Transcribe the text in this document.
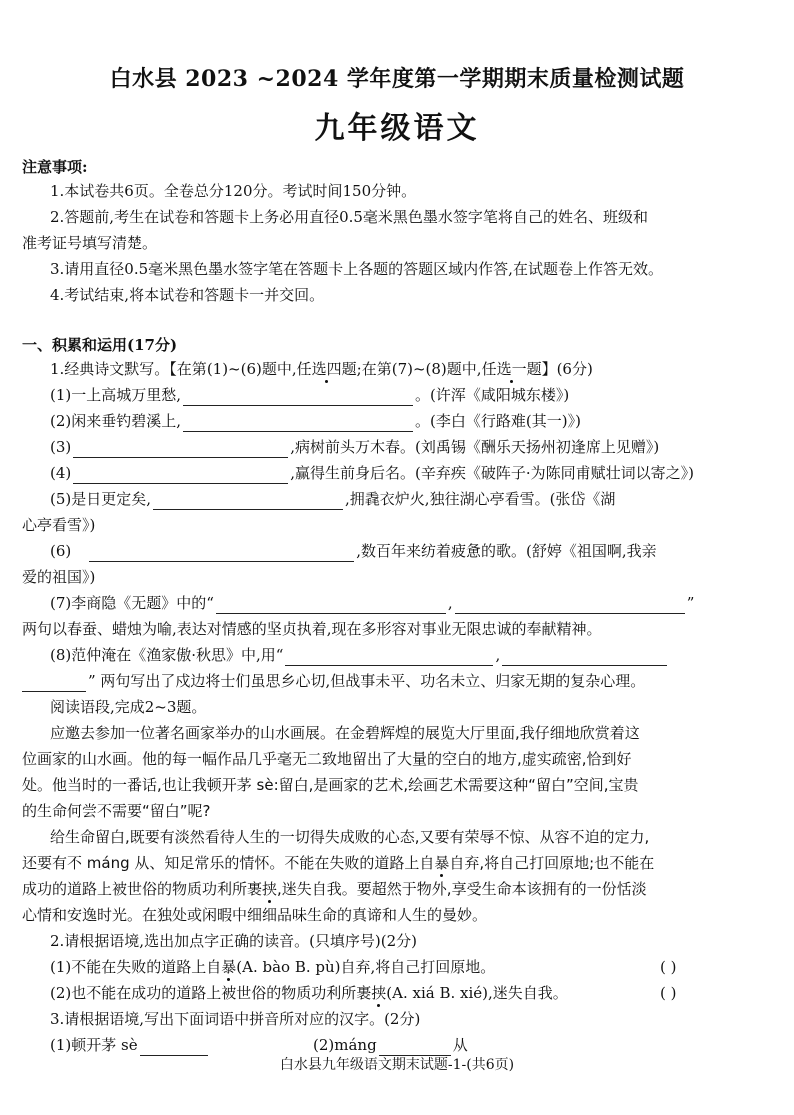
白水县 2023 ~2024 学年度第一学期期末质量检测试题
九年级语文
注意事项:
1.本试卷共6页。全卷总分120分。考试时间150分钟。
2.答题前,考生在试卷和答题卡上务必用直径0.5毫米黑色墨水签字笔将自己的姓名、班级和
准考证号填写清楚。
3.请用直径0.5毫米黑色墨水签字笔在答题卡上各题的答题区域内作答,在试题卷上作答无效。
4.考试结束,将本试卷和答题卡一并交回。
一、积累和运用(17分)
1.经典诗文默写。【在第(1)~(6)题中,任选四题;在第(7)~(8)题中,任选一题】(6分)
(1)一上高城万里愁,	。(许浑《咸阳城东楼》)
(2)闲来垂钓碧溪上,	。(李白《行路难(其一)》)
(3)	,病树前头万木春。(刘禹锡《酬乐天扬州初逢席上见赠》)
(4)	,赢得生前身后名。(辛弃疾《破阵子·为陈同甫赋壮词以寄之》)
(5)是日更定矣,	,拥毳衣炉火,独往湖心亭看雪。(张岱《湖
心亭看雪》)
(6)	,数百年来纺着疲惫的歌。(舒婷《祖国啊,我亲
爱的祖国》)
(7)李商隐《无题》中的“	,	”
两句以春蚕、蜡烛为喻,表达对情感的坚贞执着,现在多形容对事业无限忠诚的奉献精神。
(8)范仲淹在《渔家傲·秋思》中,用“	,
” 两句写出了戍边将士们虽思乡心切,但战事未平、功名未立、归家无期的复杂心理。
阅读语段,完成2~3题。
应邀去参加一位著名画家举办的山水画展。在金碧辉煌的展览大厅里面,我仔细地欣赏着这
位画家的山水画。他的每一幅作品几乎毫无二致地留出了大量的空白的地方,虚实疏密,恰到好
处。他当时的一番话,也让我顿开茅 sè:留白,是画家的艺术,绘画艺术需要这种“留白”空间,宝贵
的生命何尝不需要“留白”呢?
给生命留白,既要有淡然看待人生的一切得失成败的心态,又要有荣辱不惊、从容不迫的定力,
还要有不 máng 从、知足常乐的情怀。不能在失败的道路上自暴自弃,将自己打回原地;也不能在
成功的道路上被世俗的物质功利所裹挟,迷失自我。要超然于物外,享受生命本该拥有的一份恬淡
心情和安逸时光。在独处或闲暇中细细品味生命的真谛和人生的曼妙。
2.请根据语境,选出加点字正确的读音。(只填序号)(2分)
(1)不能在失败的道路上自暴(A. bào B. pù)自弃,将自己打回原地。	( )
(2)也不能在成功的道路上被世俗的物质功利所裹挟(A. xiá B. xié),迷失自我。	( )
3.请根据语境,写出下面词语中拼音所对应的汉字。(2分)
(1)顿开茅 sè	(2)máng	从
白水县九年级语文期末试题-1-(共6页)
